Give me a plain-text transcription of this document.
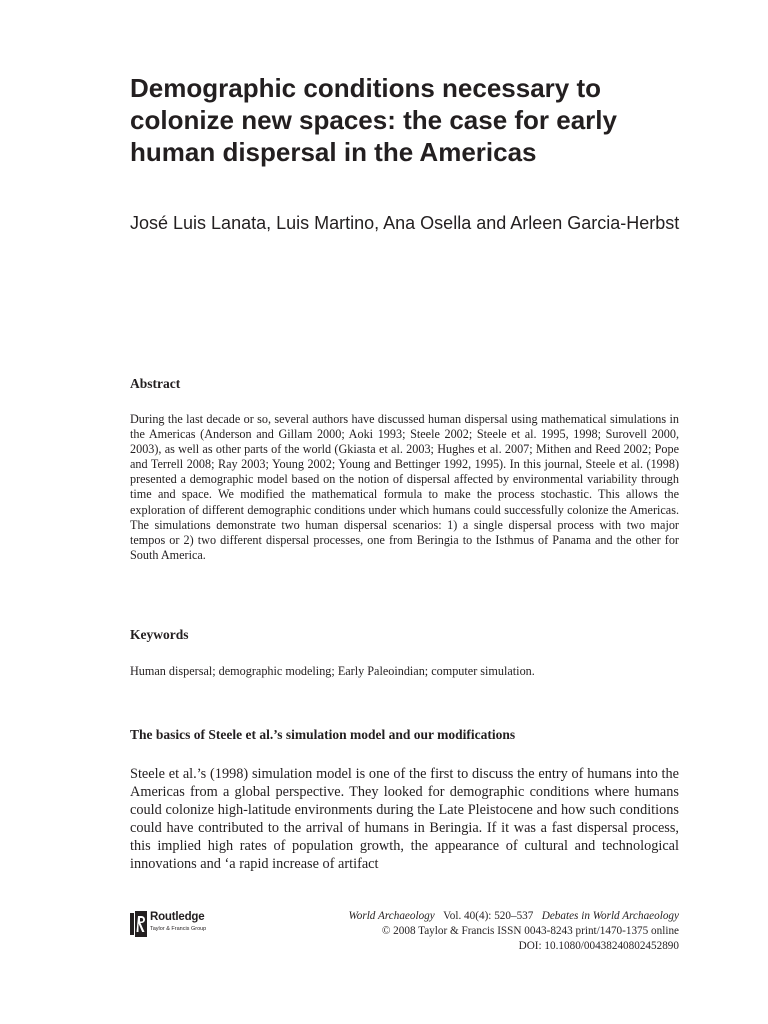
Demographic conditions necessary to colonize new spaces: the case for early human dispersal in the Americas

José Luis Lanata, Luis Martino, Ana Osella and Arleen Garcia-Herbst

Abstract

During the last decade or so, several authors have discussed human dispersal using mathematical simulations in the Americas (Anderson and Gillam 2000; Aoki 1993; Steele 2002; Steele et al. 1995, 1998; Surovell 2000, 2003), as well as other parts of the world (Gkiasta et al. 2003; Hughes et al. 2007; Mithen and Reed 2002; Pope and Terrell 2008; Ray 2003; Young 2002; Young and Bettinger 1992, 1995). In this journal, Steele et al. (1998) presented a demographic model based on the notion of dispersal affected by environmental variability through time and space. We modified the mathematical formula to make the process stochastic. This allows the exploration of different demographic conditions under which humans could successfully colonize the Americas. The simulations demonstrate two human dispersal scenarios: 1) a single dispersal process with two major tempos or 2) two different dispersal processes, one from Beringia to the Isthmus of Panama and the other for South America.

Keywords

Human dispersal; demographic modeling; Early Paleoindian; computer simulation.

The basics of Steele et al.’s simulation model and our modifications

Steele et al.’s (1998) simulation model is one of the first to discuss the entry of humans into the Americas from a global perspective. They looked for demographic conditions where humans could colonize high-latitude environments during the Late Pleistocene and how such conditions could have contributed to the arrival of humans in Beringia. If it was a fast dispersal process, this implied high rates of population growth, the appearance of cultural and technological innovations and ‘a rapid increase of artifact

Routledge
Taylor & Francis Group
World Archaeology Vol. 40(4): 520–537 Debates in World Archaeology
© 2008 Taylor & Francis ISSN 0043-8243 print/1470-1375 online
DOI: 10.1080/00438240802452890
